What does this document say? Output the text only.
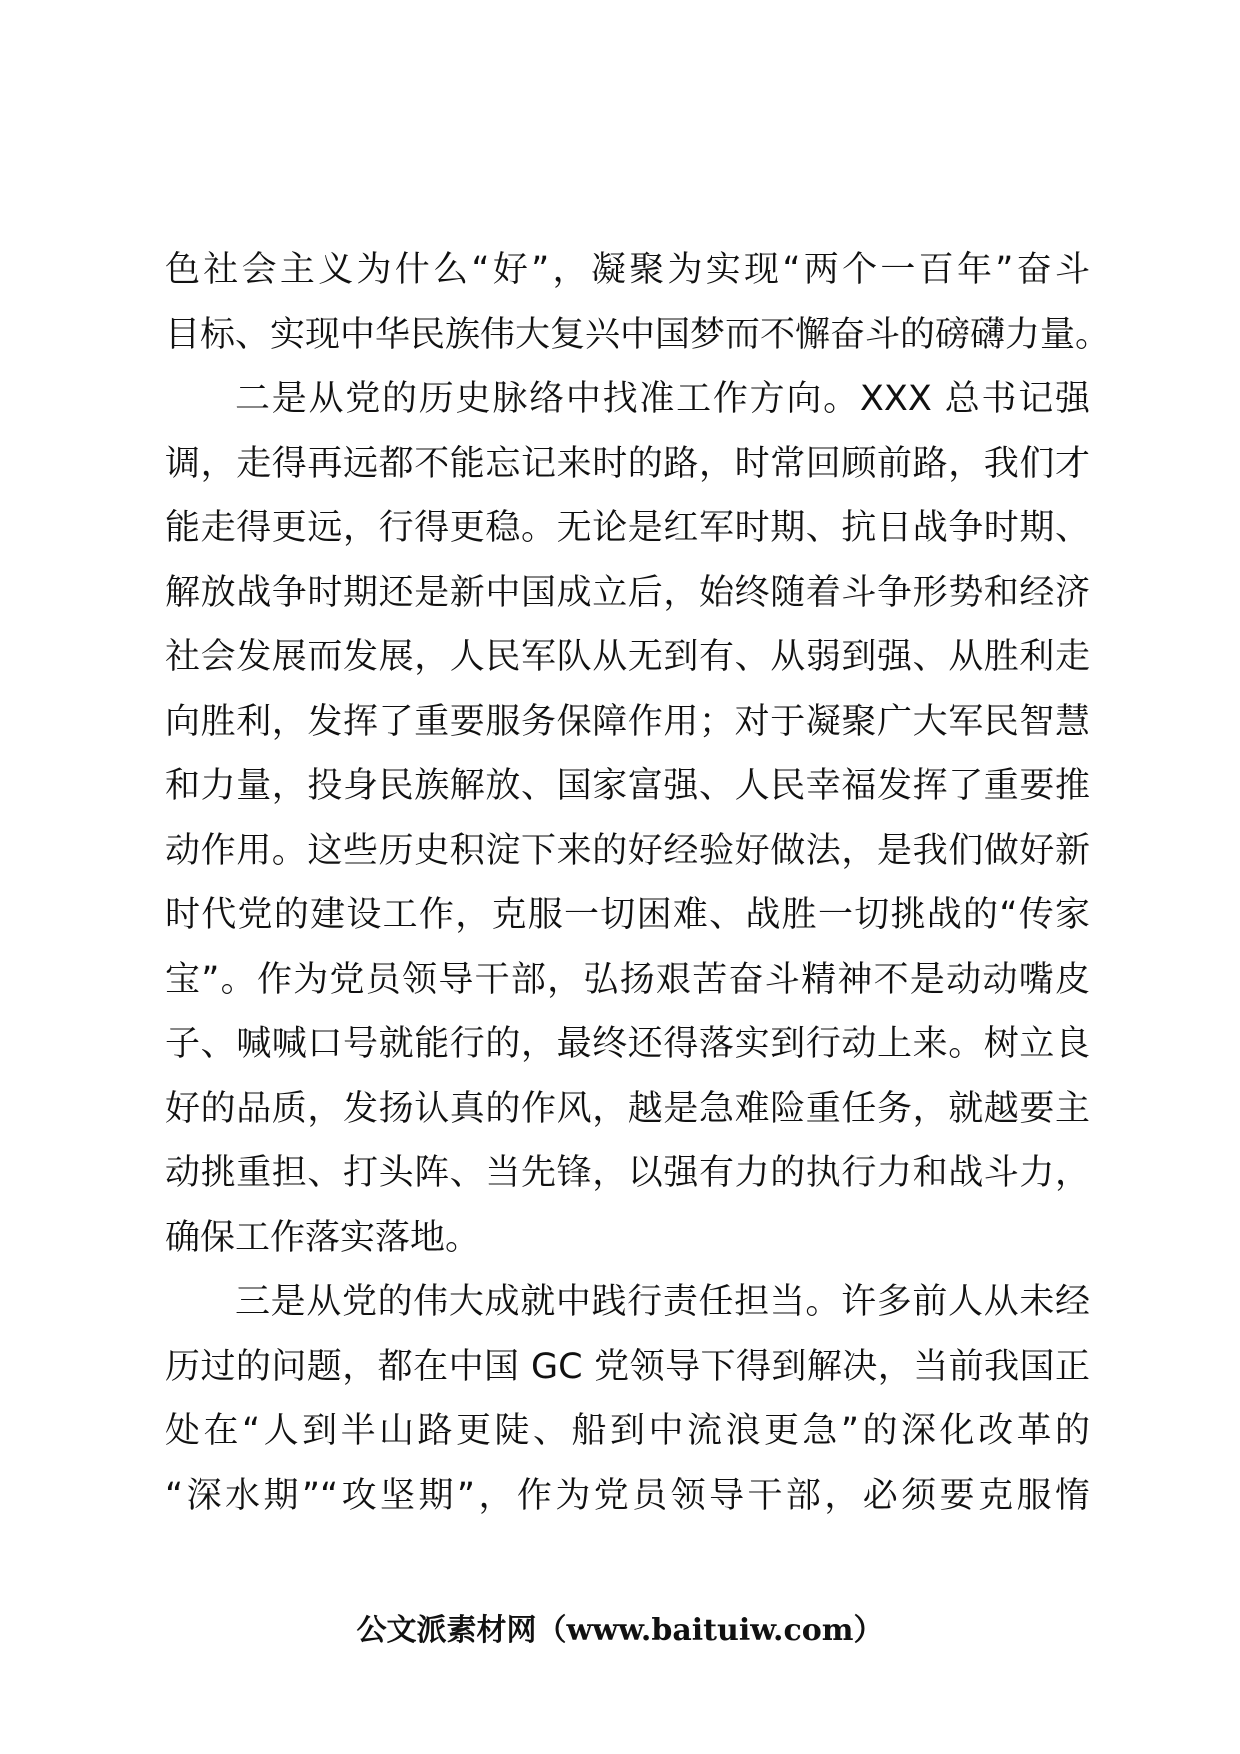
色社会主义为什么“好”，凝聚为实现“两个一百年”奋斗
目标、实现中华民族伟大复兴中国梦而不懈奋斗的磅礴力量。
二是从党的历史脉络中找准工作方向。XXX 总书记强
调，走得再远都不能忘记来时的路，时常回顾前路，我们才
能走得更远，行得更稳。无论是红军时期、抗日战争时期、
解放战争时期还是新中国成立后，始终随着斗争形势和经济
社会发展而发展，人民军队从无到有、从弱到强、从胜利走
向胜利，发挥了重要服务保障作用；对于凝聚广大军民智慧
和力量，投身民族解放、国家富强、人民幸福发挥了重要推
动作用。这些历史积淀下来的好经验好做法，是我们做好新
时代党的建设工作，克服一切困难、战胜一切挑战的“传家
宝”。作为党员领导干部，弘扬艰苦奋斗精神不是动动嘴皮
子、喊喊口号就能行的，最终还得落实到行动上来。树立良
好的品质，发扬认真的作风，越是急难险重任务，就越要主
动挑重担、打头阵、当先锋，以强有力的执行力和战斗力，
确保工作落实落地。
三是从党的伟大成就中践行责任担当。许多前人从未经
历过的问题，都在中国 GC 党领导下得到解决，当前我国正
处在“人到半山路更陡、船到中流浪更急”的深化改革的
“深水期”“攻坚期”，作为党员领导干部，必须要克服惰
公文派素材网（www.baituiw.com）
